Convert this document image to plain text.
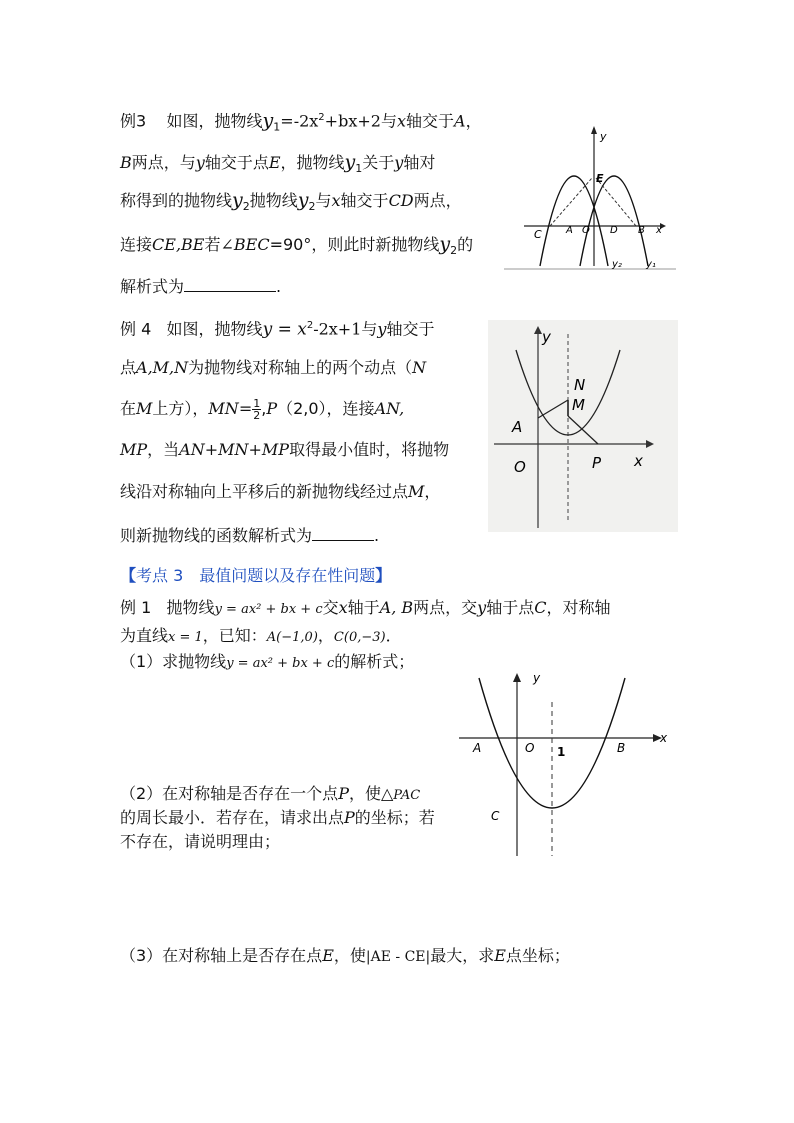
例3 如图，抛物线$y_1=-2x^2+bx+2$与x轴交于A，
B两点，与y轴交于点E，抛物线$y_1$关于y轴对
称得到的抛物线$y_2$抛物线$y_2$与x轴交于CD两点，
连接CE,BE若∠BEC=90°，则此时新抛物线$y_2$的
解析式为	.
y
E
C A O D B x
y₂ y₁
例 4 如图，抛物线$y = x^2-2x+1$与y轴交于
点A,M,N为抛物线对称轴上的两个动点（N
在M上方），$MN= \frac{1}{2} ,P(2,0)$，连接AN,
MP，当AN+MN+MP取得最小值时，将抛物
线沿对称轴向上平移后的新抛物线经过点M，
则新抛物线的函数解析式为	.
y
N
M
A
O	P x
【考点 3　最值问题以及存在性问题】
例 1 抛物线y = ax² + bx + c交x轴于A, B两点，交y轴于点C，对称轴
为直线x = 1，已知：A(−1,0)，C(0,−3)．
（1）求抛物线y = ax² + bx + c的解析式；
y
x
A	O 1	B
C
（2）在对称轴是否存在一个点P，使△PAC
的周长最小．若存在，请求出点P的坐标；若
不存在，请说明理由；
（3）在对称轴上是否存在点E，使|AE - CE|最大，求E点坐标；
